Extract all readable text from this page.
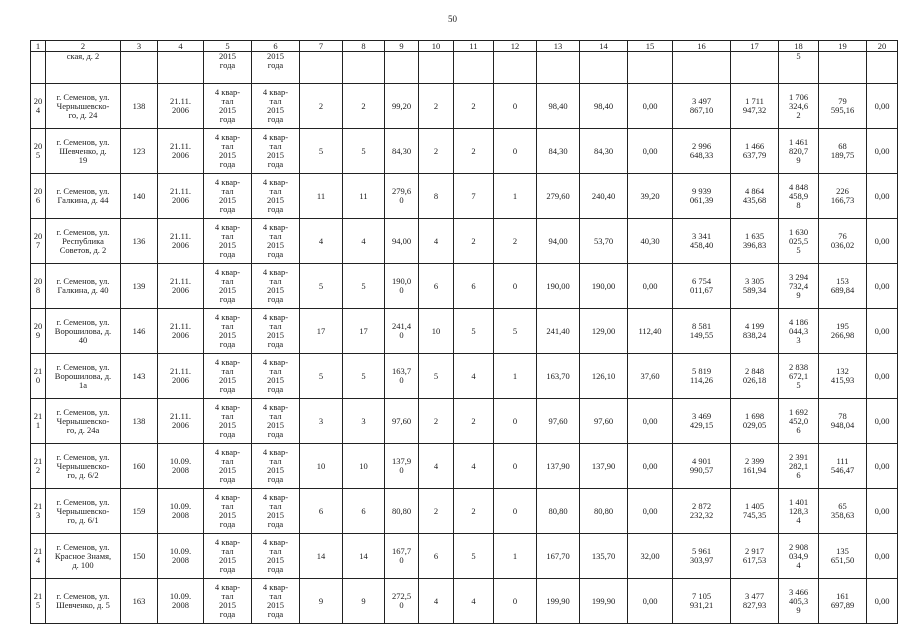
50
1	2	3	4	5	6	7	8	9	10	11	12	13	14	15	16	17	18	19	20
	ская, д. 2			2015
года	2015
года												5		
20
4	г. Семенов, ул.
Чернышевско-
го, д. 24	138	21.11.
2006	4 квар-
тал
2015
года	4 квар-
тал
2015
года	2	2	99,20	2	2	0	98,40	98,40	0,00	3 497
867,10	1 711
947,32	1 706
324,6
2	79
595,16	0,00
20
5	г. Семенов, ул.
Шевченко, д.
19	123	21.11.
2006	4 квар-
тал
2015
года	4 квар-
тал
2015
года	5	5	84,30	2	2	0	84,30	84,30	0,00	2 996
648,33	1 466
637,79	1 461
820,7
9	68
189,75	0,00
20
6	г. Семенов, ул.
Галкина, д. 44	140	21.11.
2006	4 квар-
тал
2015
года	4 квар-
тал
2015
года	11	11	279,6
0	8	7	1	279,60	240,40	39,20	9 939
061,39	4 864
435,68	4 848
458,9
8	226
166,73	0,00
20
7	г. Семенов, ул.
Республика
Советов, д. 2	136	21.11.
2006	4 квар-
тал
2015
года	4 квар-
тал
2015
года	4	4	94,00	4	2	2	94,00	53,70	40,30	3 341
458,40	1 635
396,83	1 630
025,5
5	76
036,02	0,00
20
8	г. Семенов, ул.
Галкина, д. 40	139	21.11.
2006	4 квар-
тал
2015
года	4 квар-
тал
2015
года	5	5	190,0
0	6	6	0	190,00	190,00	0,00	6 754
011,67	3 305
589,34	3 294
732,4
9	153
689,84	0,00
20
9	г. Семенов, ул.
Ворошилова, д.
40	146	21.11.
2006	4 квар-
тал
2015
года	4 квар-
тал
2015
года	17	17	241,4
0	10	5	5	241,40	129,00	112,40	8 581
149,55	4 199
838,24	4 186
044,3
3	195
266,98	0,00
21
0	г. Семенов, ул.
Ворошилова, д.
1а	143	21.11.
2006	4 квар-
тал
2015
года	4 квар-
тал
2015
года	5	5	163,7
0	5	4	1	163,70	126,10	37,60	5 819
114,26	2 848
026,18	2 838
672,1
5	132
415,93	0,00
21
1	г. Семенов, ул.
Чернышевско-
го, д. 24а	138	21.11.
2006	4 квар-
тал
2015
года	4 квар-
тал
2015
года	3	3	97,60	2	2	0	97,60	97,60	0,00	3 469
429,15	1 698
029,05	1 692
452,0
6	78
948,04	0,00
21
2	г. Семенов, ул.
Чернышевско-
го, д. 6/2	160	10.09.
2008	4 квар-
тал
2015
года	4 квар-
тал
2015
года	10	10	137,9
0	4	4	0	137,90	137,90	0,00	4 901
990,57	2 399
161,94	2 391
282,1
6	111
546,47	0,00
21
3	г. Семенов, ул.
Чернышевско-
го, д. 6/1	159	10.09.
2008	4 квар-
тал
2015
года	4 квар-
тал
2015
года	6	6	80,80	2	2	0	80,80	80,80	0,00	2 872
232,32	1 405
745,35	1 401
128,3
4	65
358,63	0,00
21
4	г. Семенов, ул.
Красное Знамя,
д. 100	150	10.09.
2008	4 квар-
тал
2015
года	4 квар-
тал
2015
года	14	14	167,7
0	6	5	1	167,70	135,70	32,00	5 961
303,97	2 917
617,53	2 908
034,9
4	135
651,50	0,00
21
5	г. Семенов, ул.
Шевченко, д. 5	163	10.09.
2008	4 квар-
тал
2015
года	4 квар-
тал
2015
года	9	9	272,5
0	4	4	0	199,90	199,90	0,00	7 105
931,21	3 477
827,93	3 466
405,3
9	161
697,89	0,00
